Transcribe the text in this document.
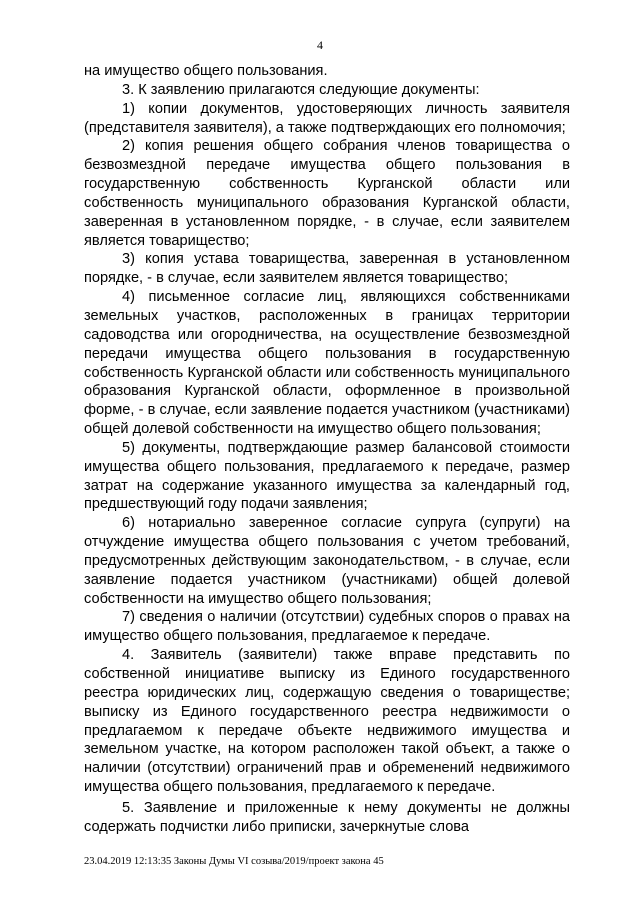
4

на имущество общего пользования.

3. К заявлению прилагаются следующие документы:

1) копии документов, удостоверяющих личность заявителя (представителя заявителя), а также подтверждающих его полномочия;

2) копия решения общего собрания членов товарищества о безвозмездной передаче имущества общего пользования в государственную собственность Курганской области или собственность муниципального образования Курганской области, заверенная в установленном порядке, - в случае, если заявителем является товарищество;

3) копия устава товарищества, заверенная в установленном порядке, - в случае, если заявителем является товарищество;

4) письменное согласие лиц, являющихся собственниками земельных участков, расположенных в границах территории садоводства или огородничества, на осуществление безвозмездной передачи имущества общего пользования в государственную собственность Курганской области или собственность муниципального образования Курганской области, оформленное в произвольной форме, - в случае, если заявление подается участником (участниками) общей долевой собственности на имущество общего пользования;

5) документы, подтверждающие размер балансовой стоимости имущества общего пользования, предлагаемого к передаче, размер затрат на содержание указанного имущества за календарный год, предшествующий году подачи заявления;

6) нотариально заверенное согласие супруга (супруги) на отчуждение имущества общего пользования с учетом требований, предусмотренных действующим законодательством, - в случае, если заявление подается участником (участниками) общей долевой собственности на имущество общего пользования;

7) сведения о наличии (отсутствии) судебных споров о правах на имущество общего пользования, предлагаемое к передаче.

4. Заявитель (заявители) также вправе представить по собственной инициативе выписку из Единого государственного реестра юридических лиц, содержащую сведения о товариществе; выписку из Единого государственного реестра недвижимости о предлагаемом к передаче объекте недвижимого имущества и земельном участке, на котором расположен такой объект, а также о наличии (отсутствии) ограничений прав и обременений недвижимого имущества общего пользования, предлагаемого к передаче.

5. Заявление и приложенные к нему документы не должны содержать подчистки либо приписки, зачеркнутые слова

23.04.2019 12:13:35 Законы Думы VI созыва/2019/проект закона 45
